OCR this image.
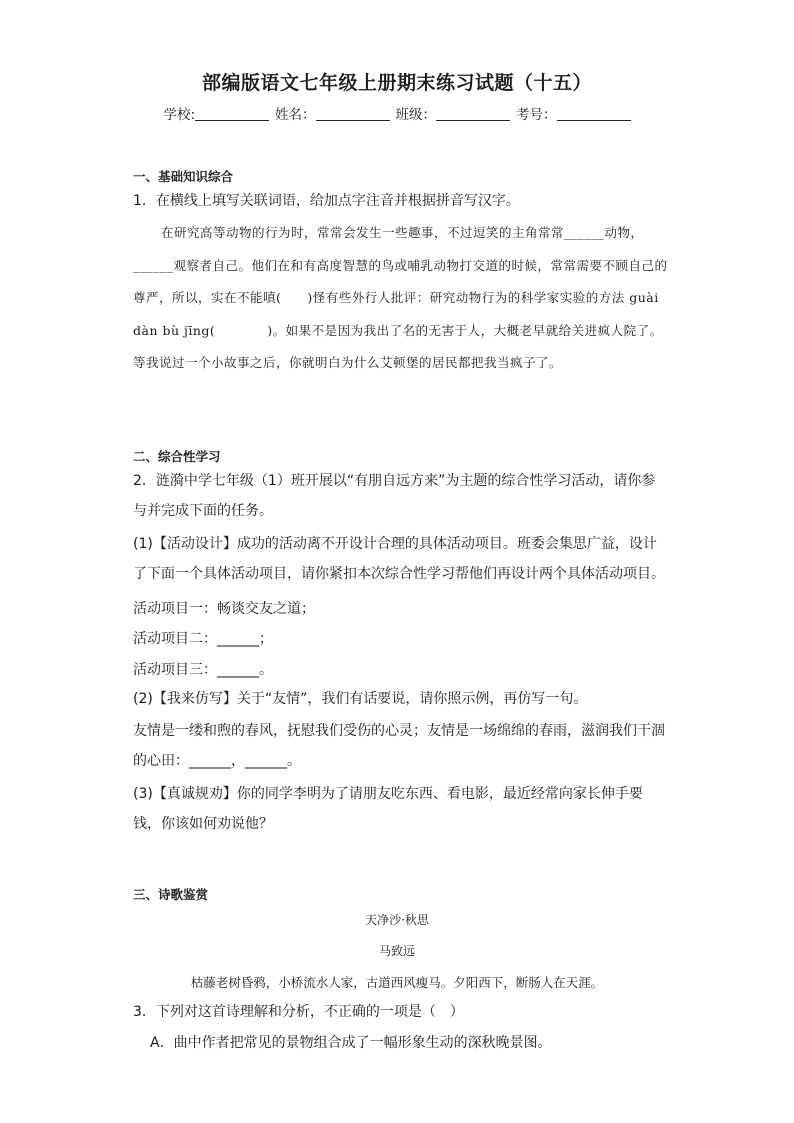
部编版语文七年级上册期末练习试题（十五）
学校:	姓名：	班级：	考号：
一、基础知识综合
1．在横线上填写关联词语，给加点字注音并根据拼音写汉字。
在研究高等动物的行为时，常常会发生一些趣事，不过逗笑的主角常常______动物，______观察者自己。他们在和有高度智慧的鸟或哺乳动物打交道的时候，常常需要不顾自己的尊严，所以，实在不能嗔(　　)怪有些外行人批评：研究动物行为的科学家实验的方法 guài dàn bù jīng(　　　　)。如果不是因为我出了名的无害于人，大概老早就给关进疯人院了。等我说过一个小故事之后，你就明白为什么艾顿堡的居民都把我当疯子了。
二、综合性学习
2．涟漪中学七年级（1）班开展以“有朋自远方来”为主题的综合性学习活动，请你参与并完成下面的任务。
(1)【活动设计】成功的活动离不开设计合理的具体活动项目。班委会集思广益，设计了下面一个具体活动项目，请你紧扣本次综合性学习帮他们再设计两个具体活动项目。
活动项目一：畅谈交友之道；
活动项目二：______；
活动项目三：______。
(2)【我来仿写】关于“友情”，我们有话要说，请你照示例，再仿写一句。
友情是一缕和煦的春风，抚慰我们受伤的心灵；友情是一场绵绵的春雨，滋润我们干涸的心田：______，______。
(3)【真诚规劝】你的同学李明为了请朋友吃东西、看电影，最近经常向家长伸手要钱，你该如何劝说他？
三、诗歌鉴赏
天净沙·秋思
马致远
枯藤老树昏鸦，小桥流水人家，古道西风瘦马。夕阳西下，断肠人在天涯。
3．下列对这首诗理解和分析，不正确的一项是（　）
A．曲中作者把常见的景物组合成了一幅形象生动的深秋晚景图。
